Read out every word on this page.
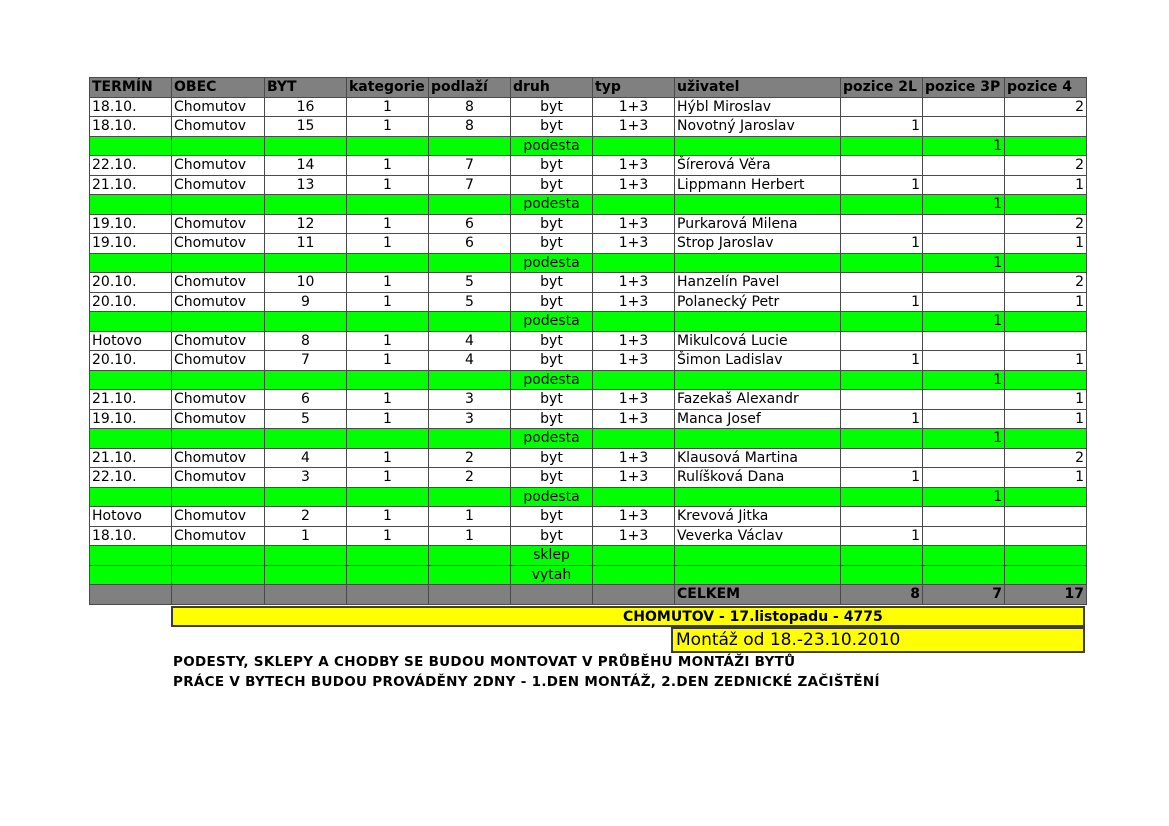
TERMÍN	OBEC	BYT	kategorie	podlaží	druh	typ	uživatel	pozice 2L	pozice 3P	pozice 4
18.10.	Chomutov	16	1	8	byt	1+3	Hýbl Miroslav			2
18.10.	Chomutov	15	1	8	byt	1+3	Novotný Jaroslav	1		
					podesta				1	
22.10.	Chomutov	14	1	7	byt	1+3	Šírerová Věra			2
21.10.	Chomutov	13	1	7	byt	1+3	Lippmann Herbert	1		1
					podesta				1	
19.10.	Chomutov	12	1	6	byt	1+3	Purkarová Milena			2
19.10.	Chomutov	11	1	6	byt	1+3	Strop Jaroslav	1		1
					podesta				1	
20.10.	Chomutov	10	1	5	byt	1+3	Hanzelín Pavel			2
20.10.	Chomutov	9	1	5	byt	1+3	Polanecký Petr	1		1
					podesta				1	
Hotovo	Chomutov	8	1	4	byt	1+3	Mikulcová Lucie			
20.10.	Chomutov	7	1	4	byt	1+3	Šimon Ladislav	1		1
					podesta				1	
21.10.	Chomutov	6	1	3	byt	1+3	Fazekaš Alexandr			1
19.10.	Chomutov	5	1	3	byt	1+3	Manca Josef	1		1
					podesta				1	
21.10.	Chomutov	4	1	2	byt	1+3	Klausová Martina			2
22.10.	Chomutov	3	1	2	byt	1+3	Rulíšková Dana	1		1
					podesta				1	
Hotovo	Chomutov	2	1	1	byt	1+3	Krevová Jitka			
18.10.	Chomutov	1	1	1	byt	1+3	Veverka Václav	1		
					sklep					
					vytah					
							CELKEM	8	7	17
CHOMUTOV - 17.listopadu - 4775
Montáž od 18.-23.10.2010
PODESTY, SKLEPY A CHODBY SE BUDOU MONTOVAT V PRŮBĚHU MONTÁŽI BYTŮ
PRÁCE V BYTECH BUDOU PROVÁDĚNY 2DNY - 1.DEN MONTÁŽ, 2.DEN ZEDNICKÉ ZAČIŠTĚNÍ
